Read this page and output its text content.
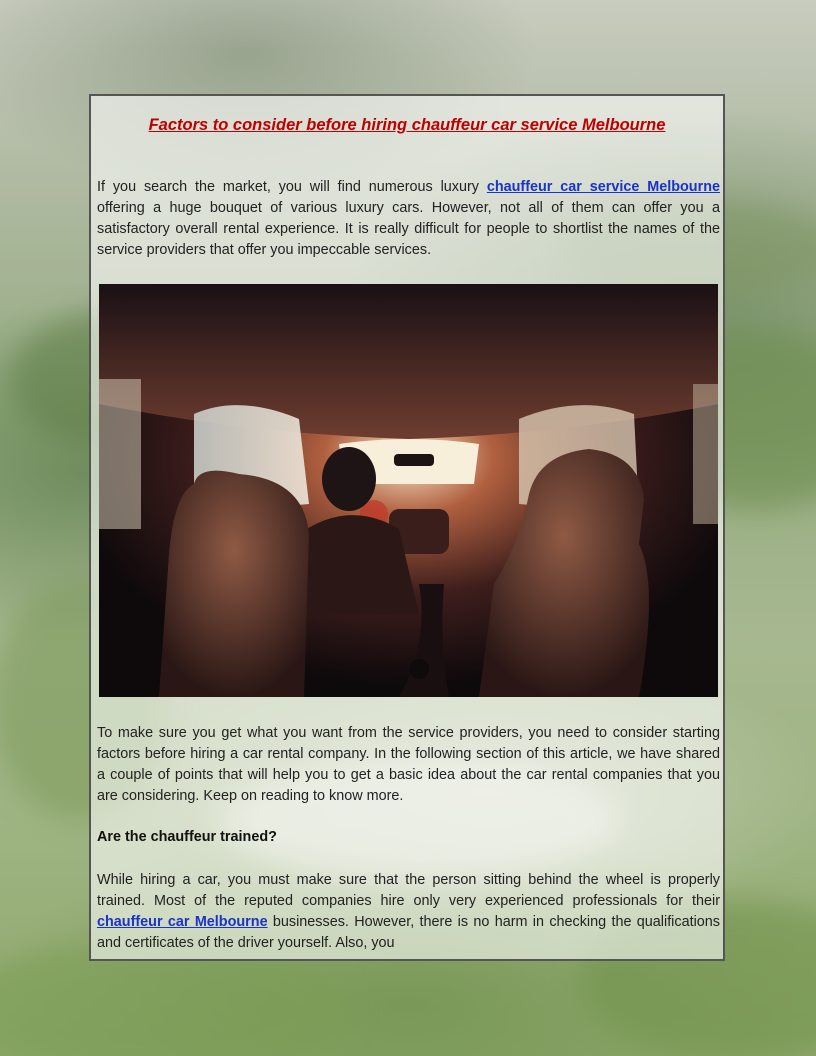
Factors to consider before hiring chauffeur car service Melbourne

If you search the market, you will find numerous luxury chauffeur car service Melbourne offering a huge bouquet of various luxury cars. However, not all of them can offer you a satisfactory overall rental experience. It is really difficult for people to shortlist the names of the service providers that offer you impeccable services.

To make sure you get what you want from the service providers, you need to consider starting factors before hiring a car rental company. In the following section of this article, we have shared a couple of points that will help you to get a basic idea about the car rental companies that you are considering. Keep on reading to know more.

Are the chauffeur trained?

While hiring a car, you must make sure that the person sitting behind the wheel is properly trained. Most of the reputed companies hire only very experienced professionals for their chauffeur car Melbourne businesses. However, there is no harm in checking the qualifications and certificates of the driver yourself. Also, you
